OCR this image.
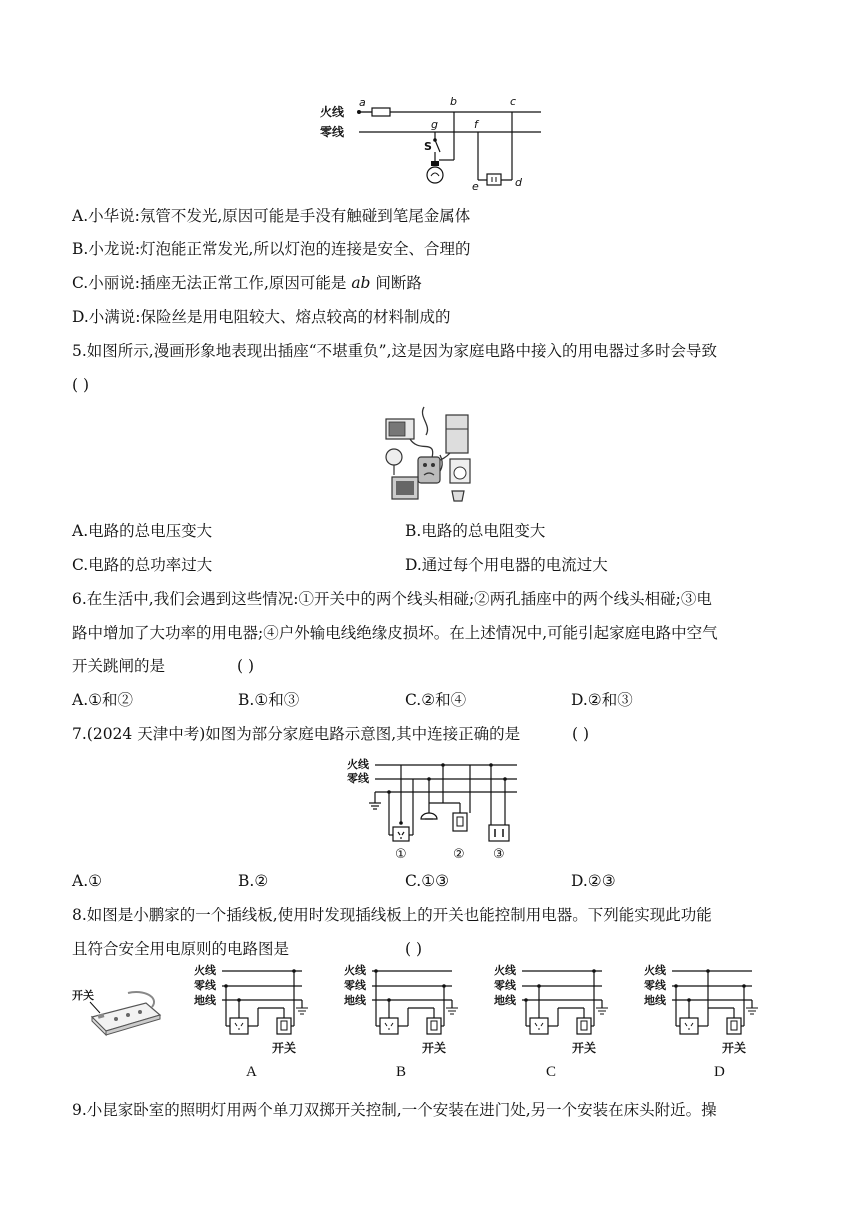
火线
零线
a	b	c
g
S
f
e	d
A.小华说:氖管不发光,原因可能是手没有触碰到笔尾金属体
B.小龙说:灯泡能正常发光,所以灯泡的连接是安全、合理的
C.小丽说:插座无法正常工作,原因可能是 ab 间断路
D.小满说:保险丝是用电阻较大、熔点较高的材料制成的
5.如图所示,漫画形象地表现出插座“不堪重负”,这是因为家庭电路中接入的用电器过多时会导致
( )
A.电路的总电压变大	B.电路的总电阻变大
C.电路的总功率过大	D.通过每个用电器的电流过大
6.在生活中,我们会遇到这些情况:①开关中的两个线头相碰;②两孔插座中的两个线头相碰;③电
路中增加了大功率的用电器;④户外输电线绝缘皮损坏。在上述情况中,可能引起家庭电路中空气
开关跳闸的是	( )
A.①和②	B.①和③	C.②和④	D.②和③
7.(2024 天津中考)如图为部分家庭电路示意图,其中连接正确的是	( )
火线
零线
①	② ③
A.①	B.②	C.①③	D.②③
8.如图是小鹏家的一个插线板,使用时发现插线板上的开关也能控制用电器。下列能实现此功能
且符合安全用电原则的电路图是	( )
开关
火线
零线
地线
开关
火线
零线
地线
开关
火线
零线
地线
开关
火线
零线
地线
开关
A	B	C	D
9.小昆家卧室的照明灯用两个单刀双掷开关控制,一个安装在进门处,另一个安装在床头附近。操
